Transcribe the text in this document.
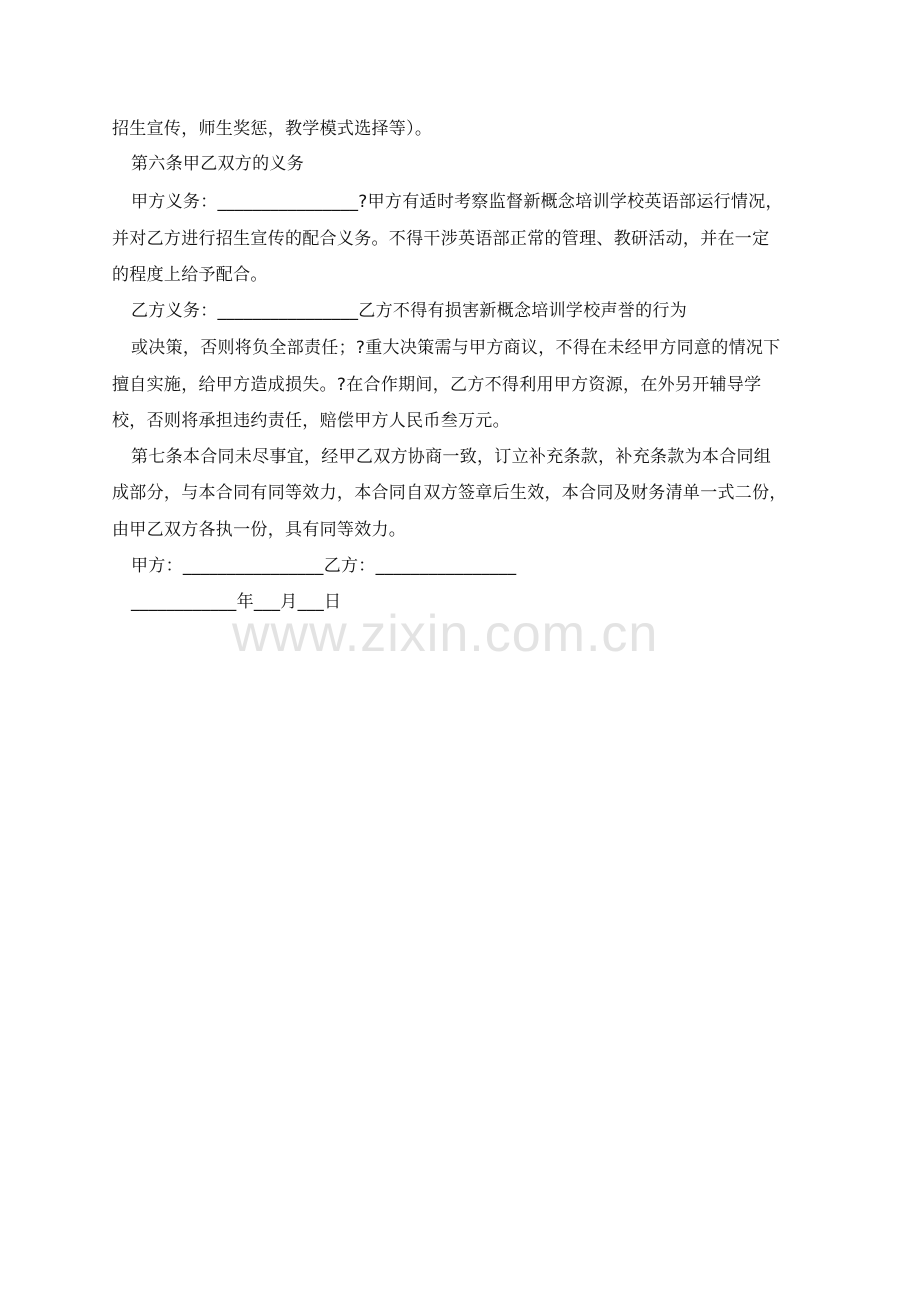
招生宣传，师生奖惩，教学模式选择等）。
第六条甲乙双方的义务
甲方义务：________________?甲方有适时考察监督新概念培训学校英语部运行情况，
并对乙方进行招生宣传的配合义务。不得干涉英语部正常的管理、教研活动，并在一定
的程度上给予配合。
乙方义务：________________乙方不得有损害新概念培训学校声誉的行为
或决策，否则将负全部责任；?重大决策需与甲方商议，不得在未经甲方同意的情况下
擅自实施，给甲方造成损失。?在合作期间，乙方不得利用甲方资源，在外另开辅导学
校，否则将承担违约责任，赔偿甲方人民币叁万元。
第七条本合同未尽事宜，经甲乙双方协商一致，订立补充条款，补充条款为本合同组
成部分，与本合同有同等效力，本合同自双方签章后生效，本合同及财务清单一式二份，
由甲乙双方各执一份，具有同等效力。
甲方：________________乙方：________________
____________年___月___日
www.zixin.com.cn
